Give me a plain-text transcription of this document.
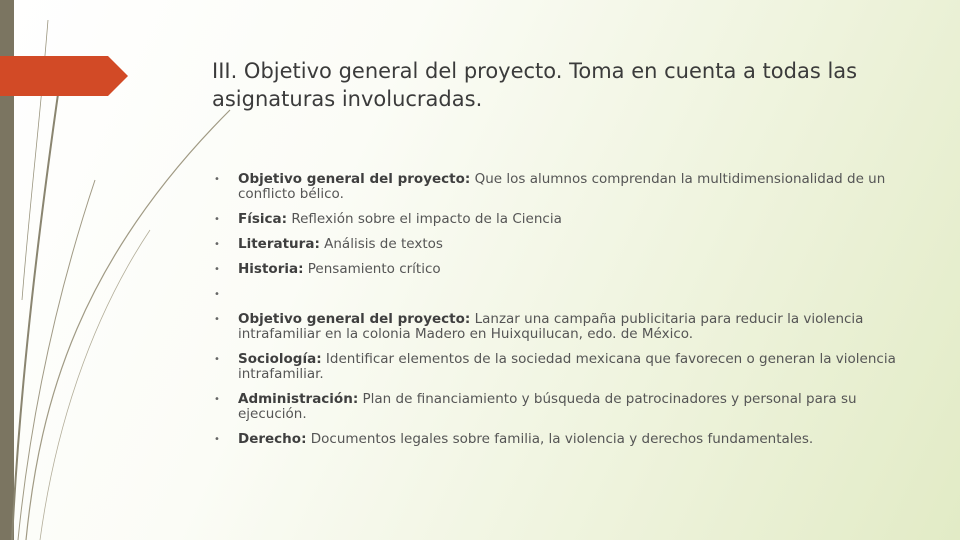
III. Objetivo general del proyecto. Toma en cuenta a todas las asignaturas involucradas.
• Objetivo general del proyecto: Que los alumnos comprendan la multidimensionalidad de un conflicto bélico.
• Física: Reflexión sobre el impacto de la Ciencia
• Literatura: Análisis de textos
• Historia: Pensamiento crítico
•
• Objetivo general del proyecto: Lanzar una campaña publicitaria para reducir la violencia intrafamiliar en la colonia Madero en Huixquilucan, edo. de México.
• Sociología: Identificar elementos de la sociedad mexicana que favorecen o generan la violencia intrafamiliar.
• Administración: Plan de financiamiento y búsqueda de patrocinadores y personal para su ejecución.
• Derecho: Documentos legales sobre familia, la violencia y derechos fundamentales.
